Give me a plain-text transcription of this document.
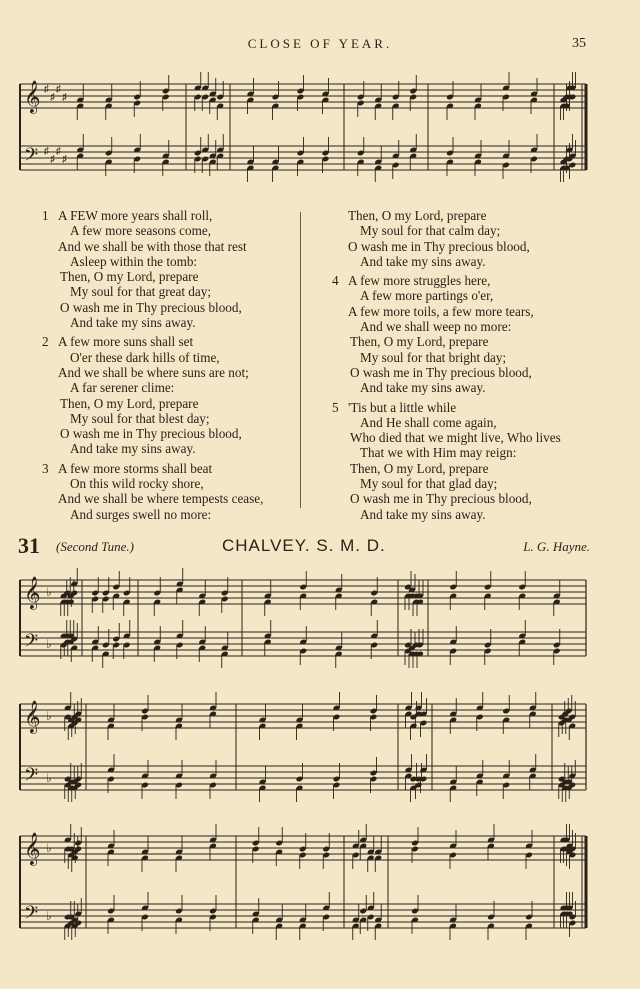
CLOSE OF YEAR.	35
𝄞 ♯
♯
♯
♯
𝄢 ♯
♯
♯
♯
1 A FEW more years shall roll,
A few more seasons come,
And we shall be with those that rest
Asleep within the tomb:
Then, O my Lord, prepare
My soul for that great day;
O wash me in Thy precious blood,
And take my sins away.
2 A few more suns shall set
O'er these dark hills of time,
And we shall be where suns are not;
A far serener clime:
Then, O my Lord, prepare
My soul for that blest day;
O wash me in Thy precious blood,
And take my sins away.
3 A few more storms shall beat
On this wild rocky shore,
And we shall be where tempests cease,
And surges swell no more:
Then, O my Lord, prepare
My soul for that calm day;
O wash me in Thy precious blood,
And take my sins away.
4 A few more struggles here,
A few more partings o'er,
A few more toils, a few more tears,
And we shall weep no more:
Then, O my Lord, prepare
My soul for that bright day;
O wash me in Thy precious blood,
And take my sins away.
5 'Tis but a little while
And He shall come again,
Who died that we might live, Who lives
That we with Him may reign:
Then, O my Lord, prepare
My soul for that glad day;
O wash me in Thy precious blood,
And take my sins away.
31 (Second Tune.)	CHALVEY. S. M. D.	L. G. Hayne.
𝄞 ♭
𝄢 ♭
𝄞 ♭
𝄢 ♭
𝄞 ♭
𝄢 ♭
